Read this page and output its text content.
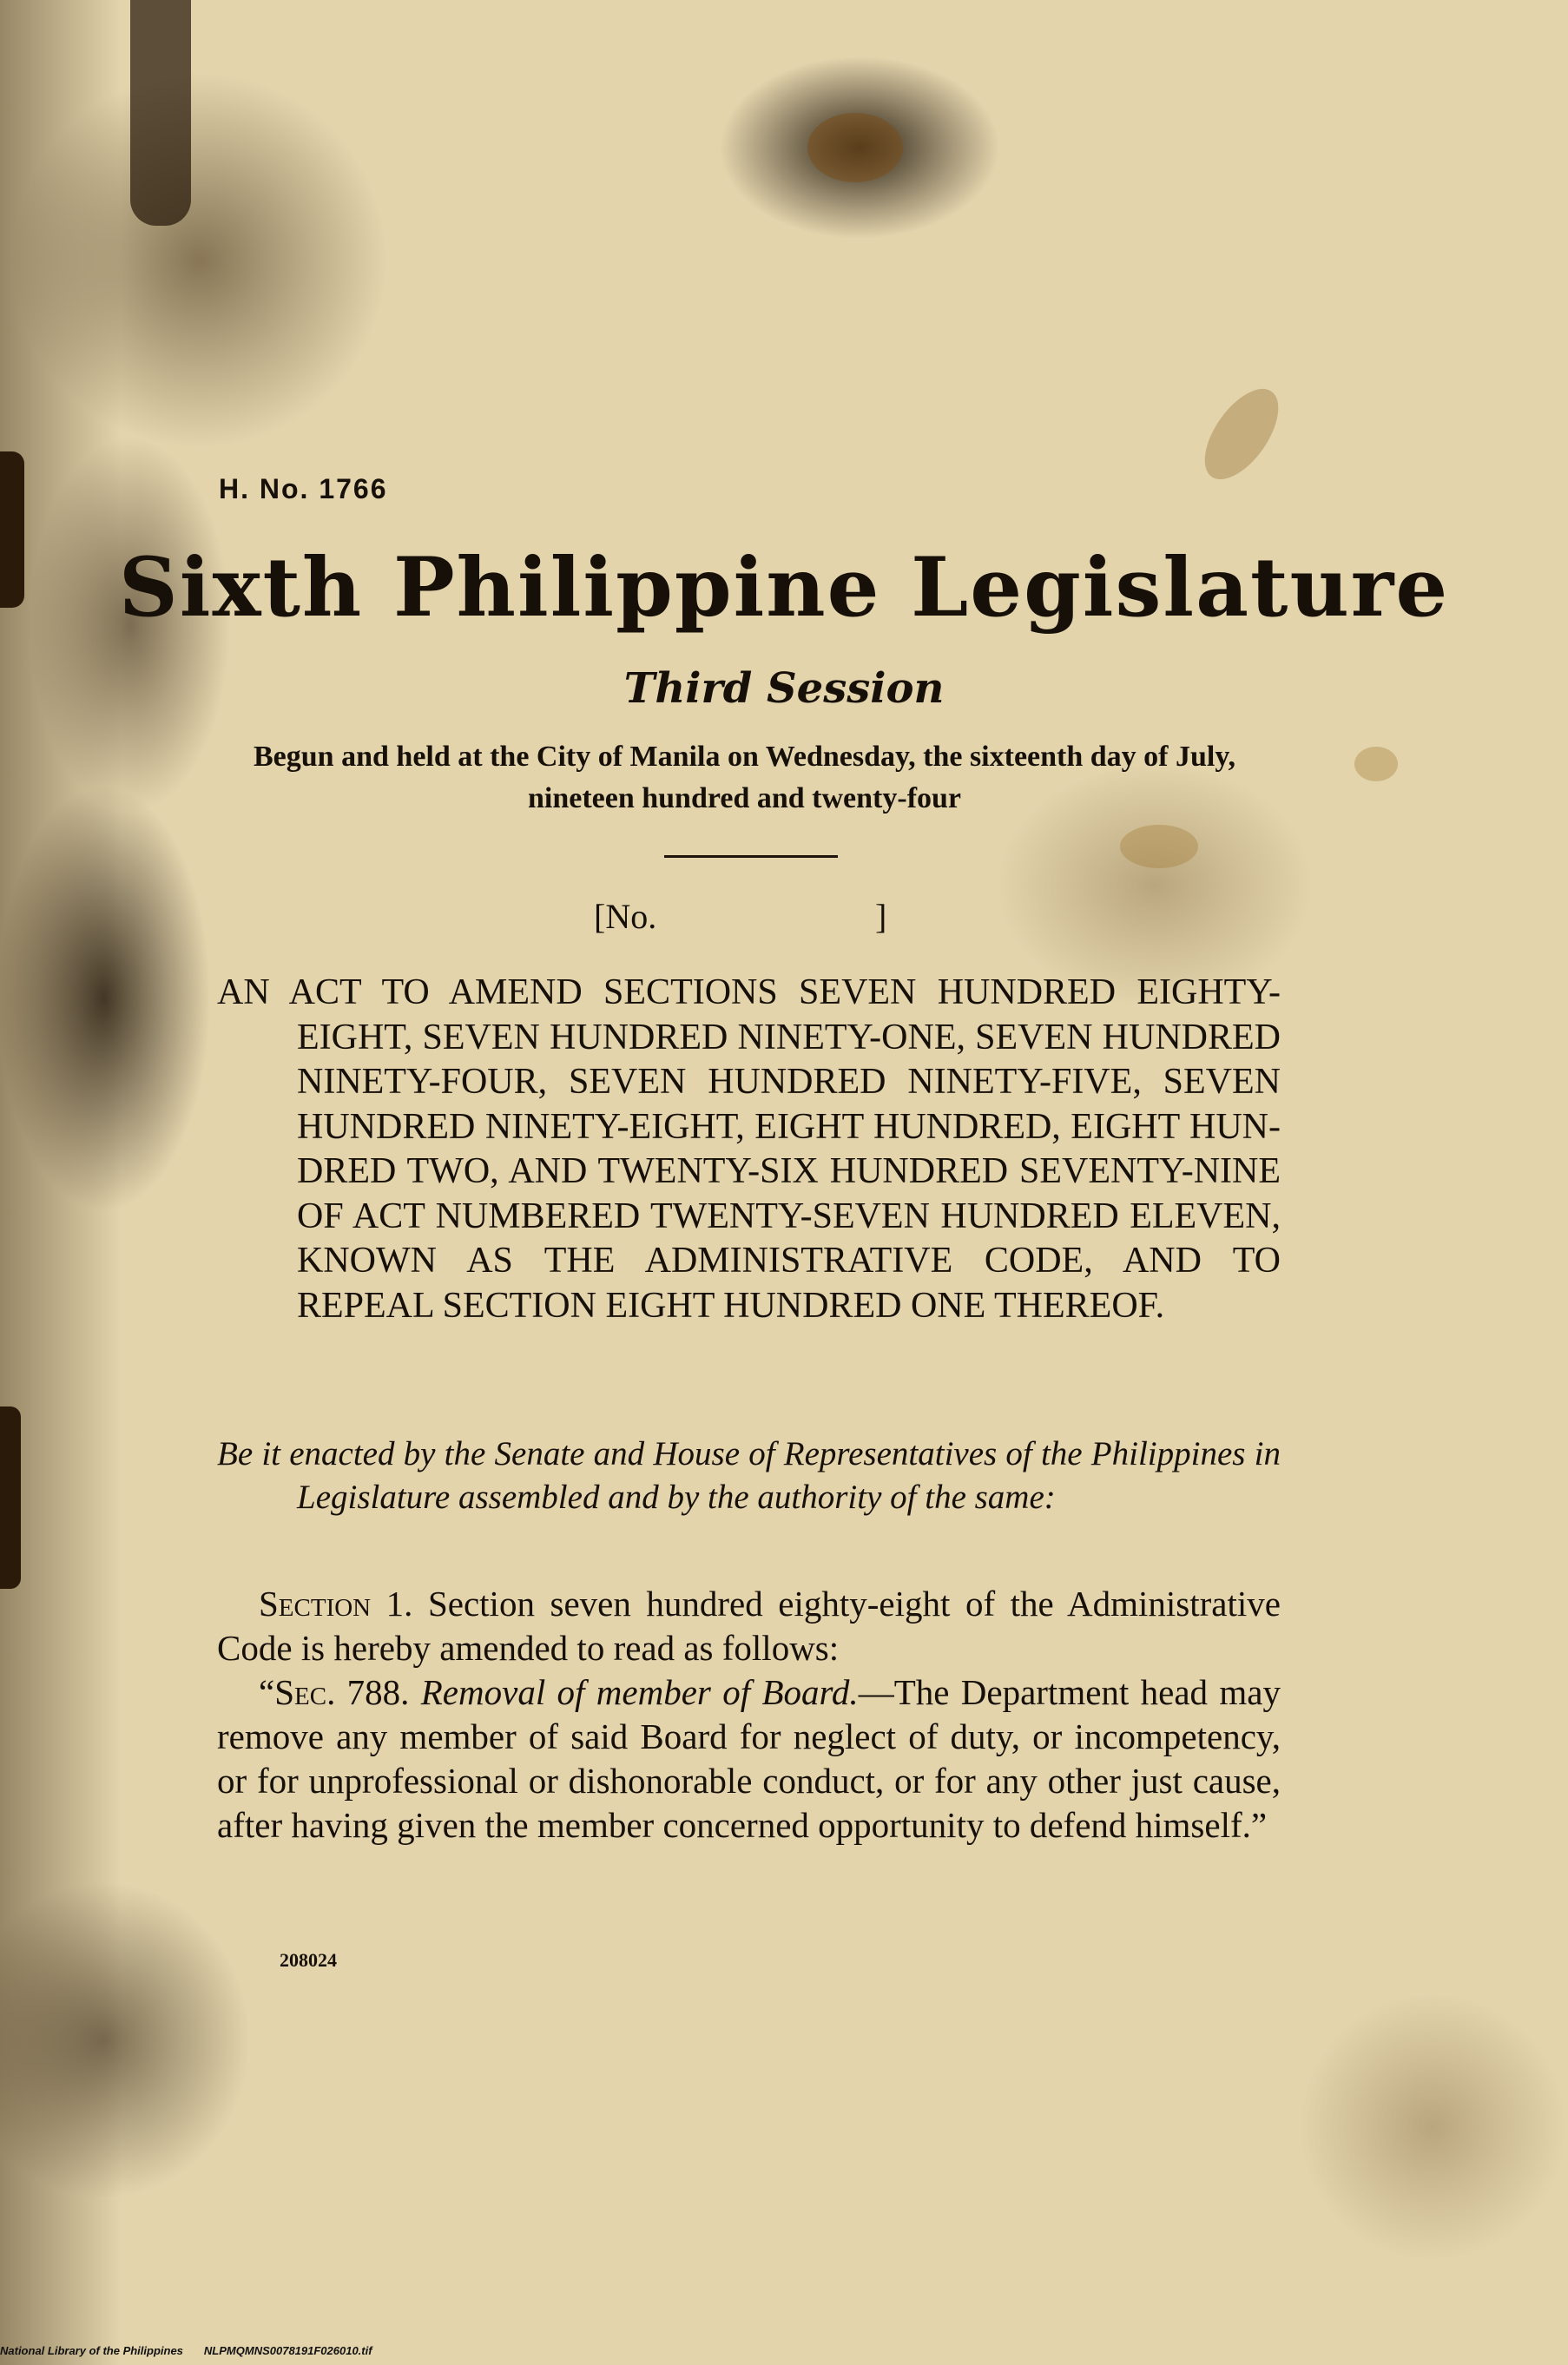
H. No. 1766
Sixth Philippine Legislature
Third Session
Begun and held at the City of Manila on Wednesday, the sixteenth day of July, nineteen hundred and twenty-four
[No.	]
AN ACT TO AMEND SECTIONS SEVEN HUNDRED EIGHTY-EIGHT, SEVEN HUNDRED NINETY-ONE, SEVEN HUNDRED NINETY-FOUR, SEVEN HUNDRED NINETY-FIVE, SEVEN HUNDRED NINETY-EIGHT, EIGHT HUNDRED, EIGHT HUN-DRED TWO, AND TWENTY-SIX HUNDRED SEVENTY-NINE OF ACT NUMBERED TWENTY-SEVEN HUNDRED ELEVEN, KNOWN AS THE ADMINISTRATIVE CODE, AND TO REPEAL SECTION EIGHT HUNDRED ONE THEREOF.
Be it enacted by the Senate and House of Representatives of the Philippines in Legislature assembled and by the authority of the same:
Section 1. Section seven hundred eighty-eight of the Administrative Code is hereby amended to read as follows:
“Sec. 788. Removal of member of Board.—The Department head may remove any member of said Board for neglect of duty, or incompetency, or for unprofessional or dishonorable conduct, or for any other just cause, after having given the member concerned opportunity to defend himself.”
208024
National Library of the Philippines NLPMQMNS0078191F026010.tif
